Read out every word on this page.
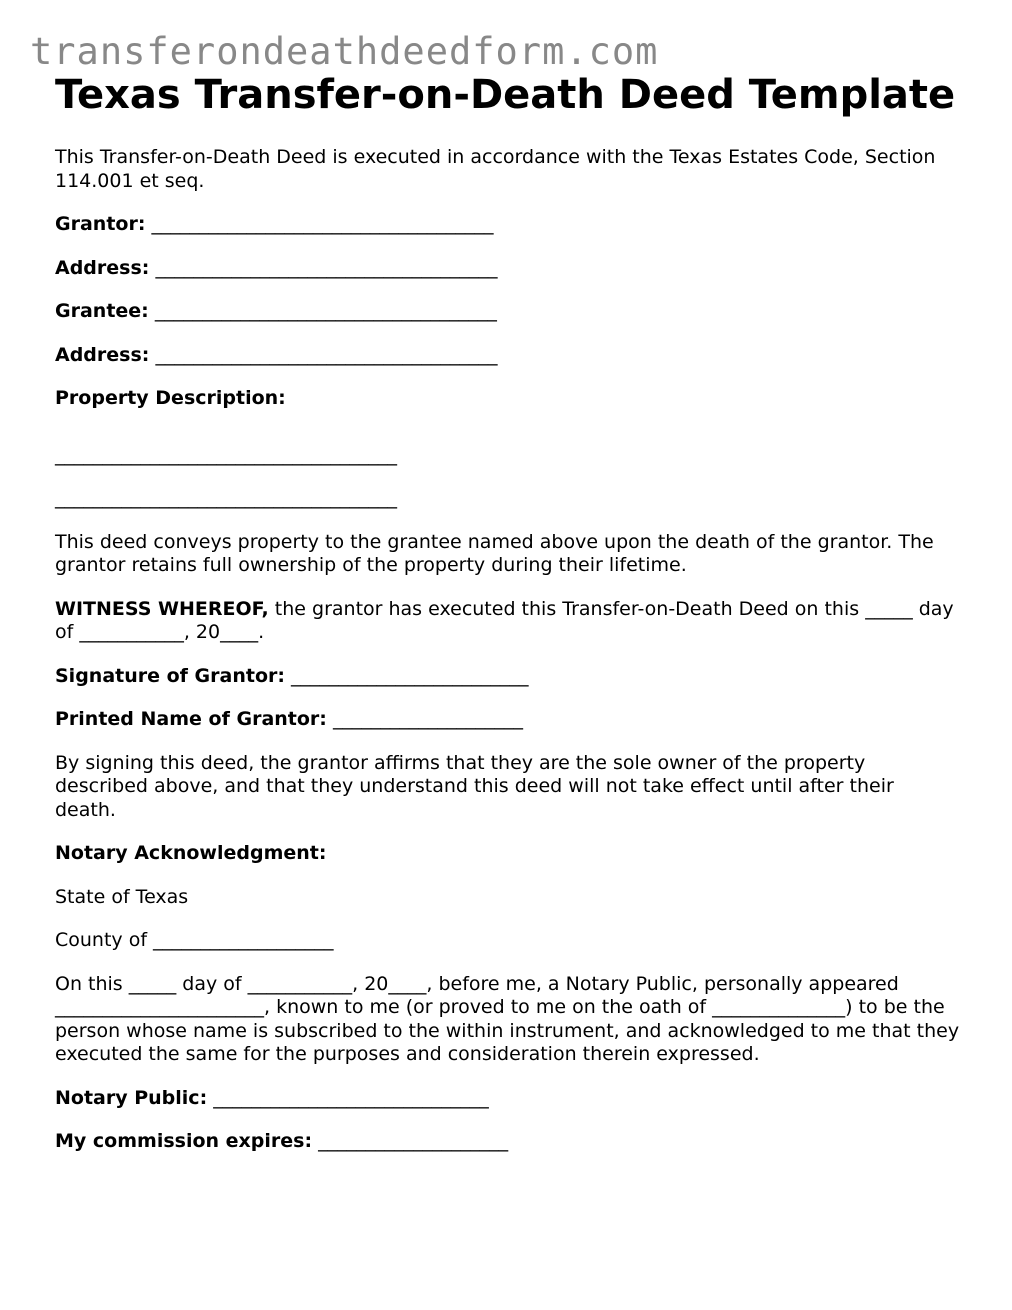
transferondeathdeedform.com
Texas Transfer-on-Death Deed Template

This Transfer-on-Death Deed is executed in accordance with the Texas Estates Code, Section 114.001 et seq.

Grantor: ____________________________________

Address: ____________________________________

Grantee: ____________________________________

Address: ____________________________________

Property Description:

____________________________________
____________________________________

This deed conveys property to the grantee named above upon the death of the grantor. The grantor retains full ownership of the property during their lifetime.

WITNESS WHEREOF, the grantor has executed this Transfer-on-Death Deed on this _____ day of ___________, 20____.

Signature of Grantor: _________________________

Printed Name of Grantor: ____________________

By signing this deed, the grantor affirms that they are the sole owner of the property described above, and that they understand this deed will not take effect until after their death.

Notary Acknowledgment:

State of Texas

County of ___________________

On this _____ day of ___________, 20____, before me, a Notary Public, personally appeared ______________________, known to me (or proved to me on the oath of ______________) to be the person whose name is subscribed to the within instrument, and acknowledged to me that they executed the same for the purposes and consideration therein expressed.

Notary Public: _____________________________

My commission expires: ____________________
